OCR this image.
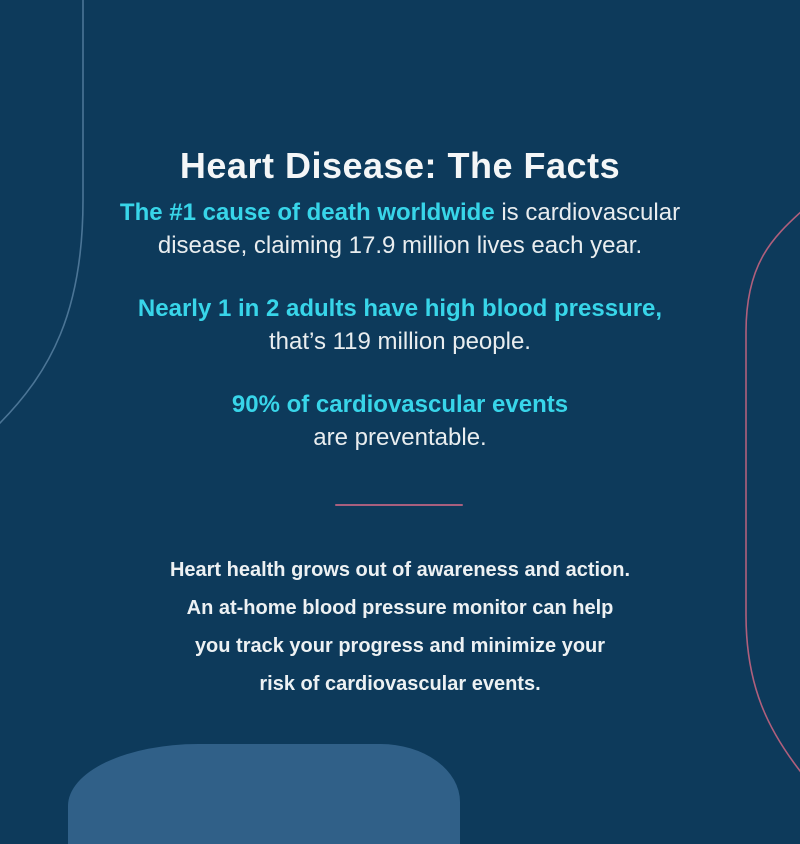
Heart Disease: The Facts
The #1 cause of death worldwide is cardiovascular
disease, claiming 17.9 million lives each year.
Nearly 1 in 2 adults have high blood pressure,
that’s 119 million people.
90% of cardiovascular events
are preventable.
Heart health grows out of awareness and action.
An at-home blood pressure monitor can help
you track your progress and minimize your
risk of cardiovascular events.
